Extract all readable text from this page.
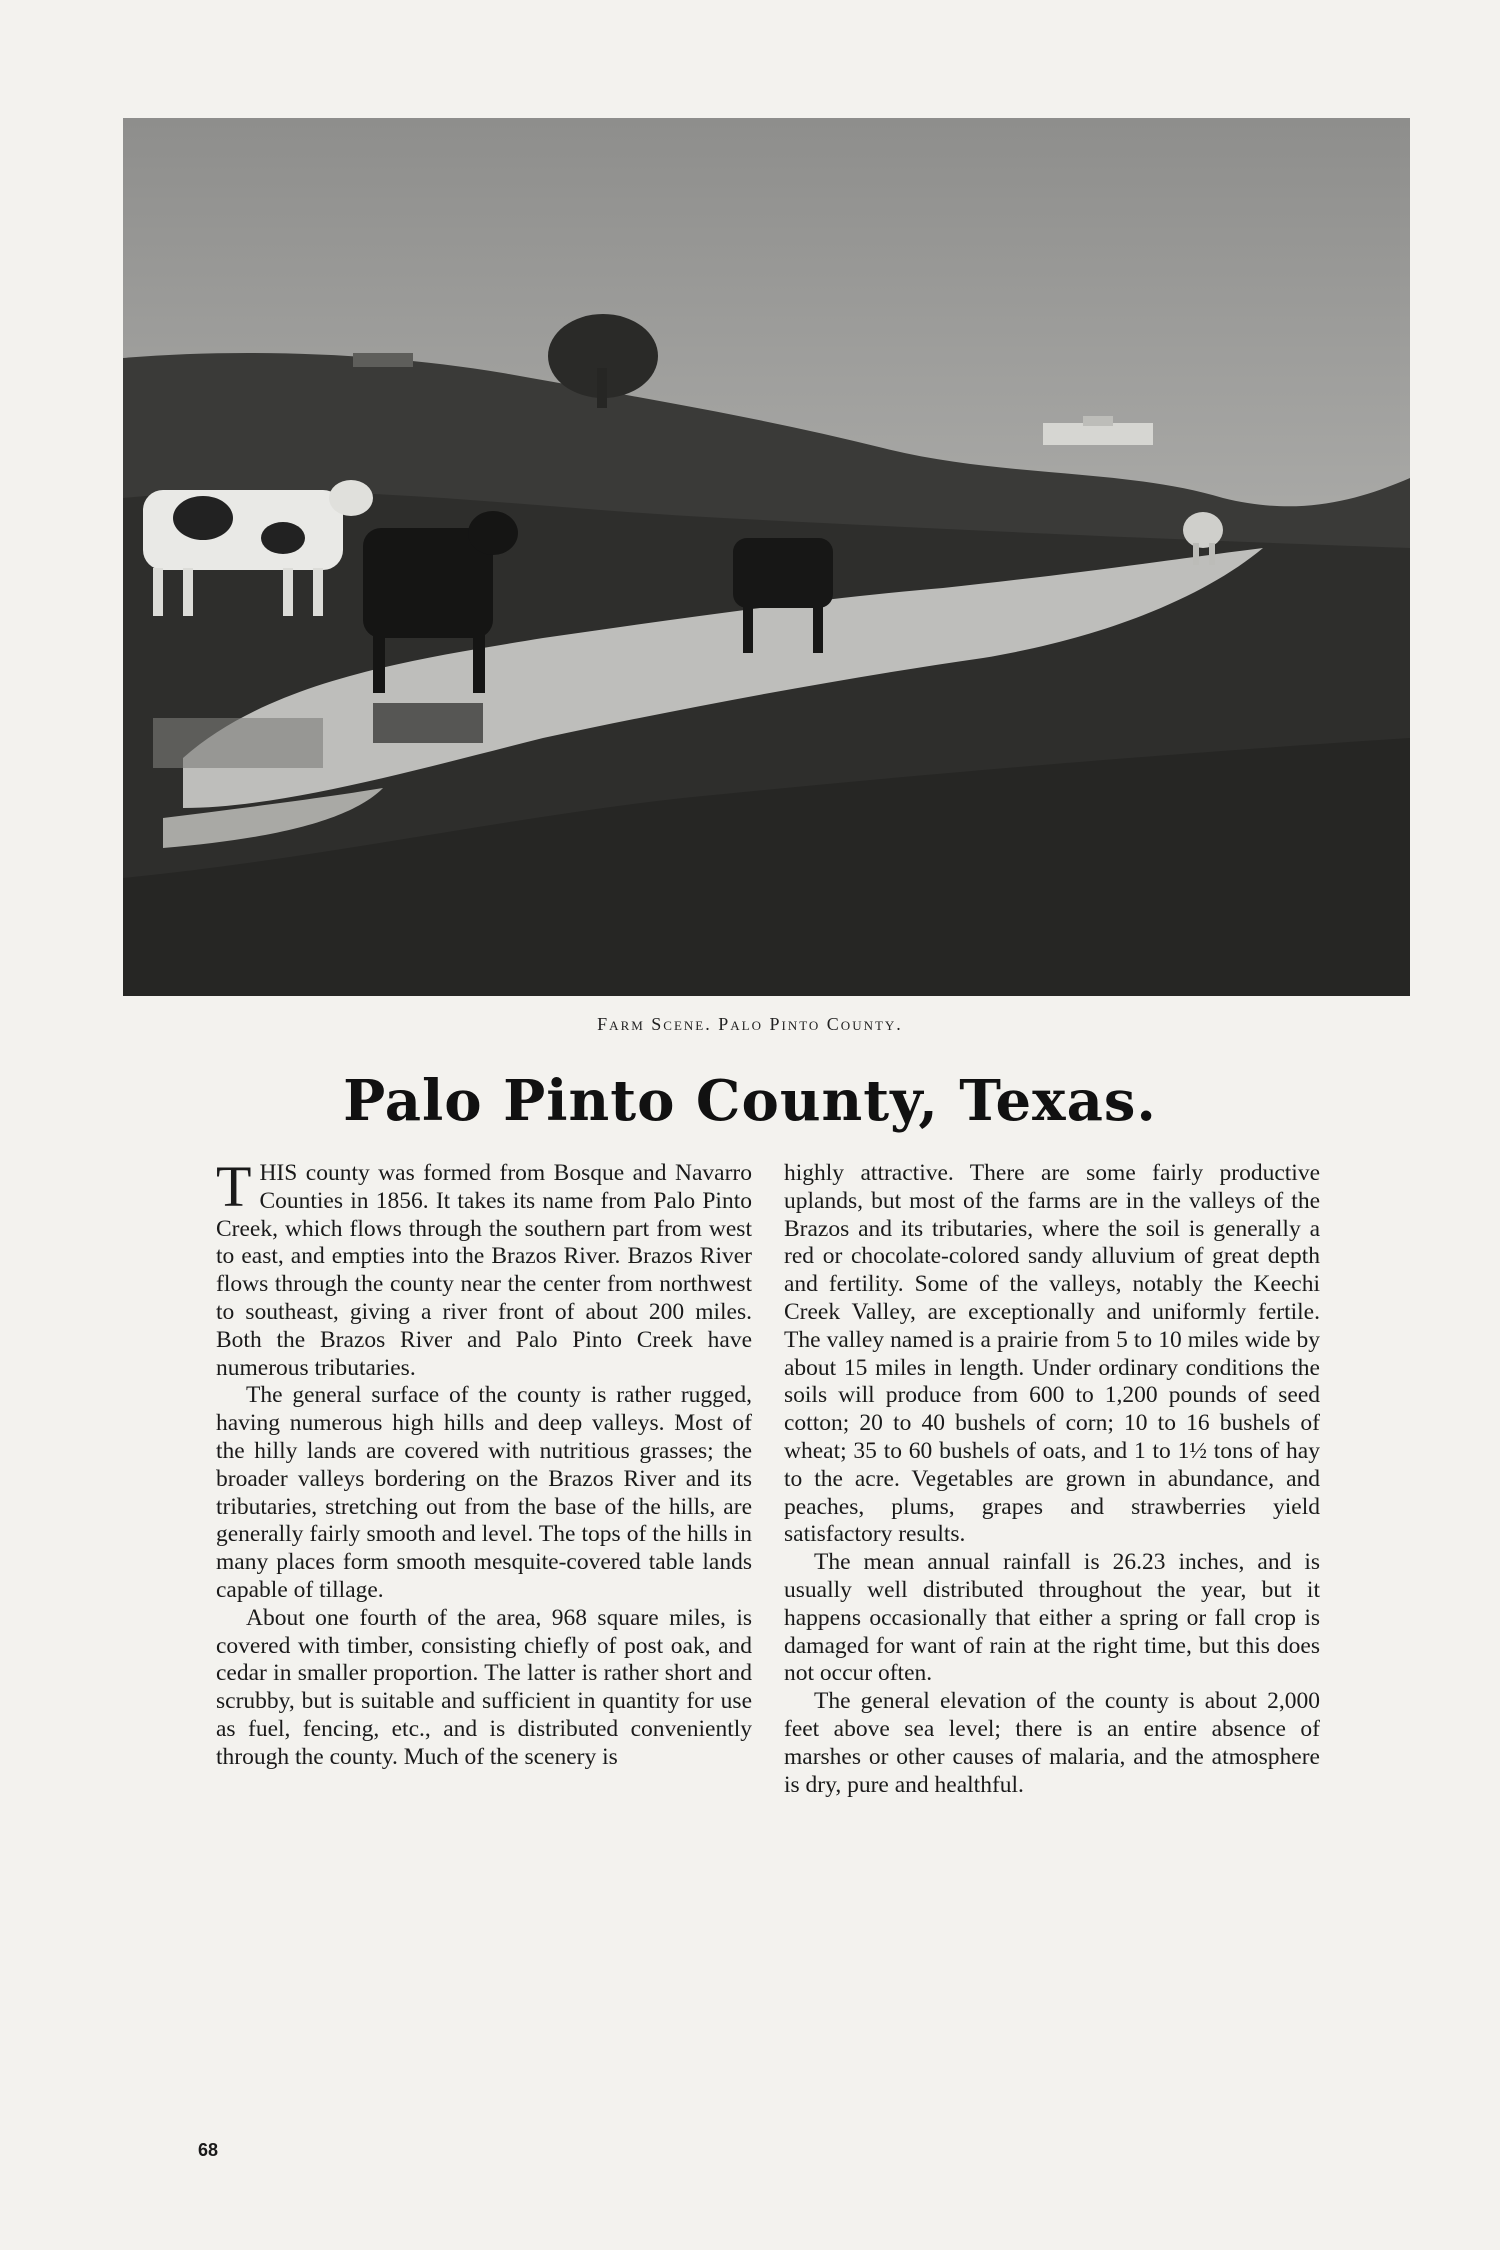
Farm Scene. Palo Pinto County.
Palo Pinto County, Texas.

THIS county was formed from Bosque and Navarro Counties in 1856. It takes its name from Palo Pinto Creek, which flows through the southern part from west to east, and empties into the Brazos River. Brazos River flows through the county near the center from northwest to southeast, giving a river front of about 200 miles. Both the Brazos River and Palo Pinto Creek have numerous tributaries.

The general surface of the county is rather rugged, having numerous high hills and deep valleys. Most of the hilly lands are covered with nutritious grasses; the broader valleys bordering on the Brazos River and its tributaries, stretching out from the base of the hills, are generally fairly smooth and level. The tops of the hills in many places form smooth mesquite-covered table lands capable of tillage.

About one fourth of the area, 968 square miles, is covered with timber, consisting chiefly of post oak, and cedar in smaller proportion. The latter is rather short and scrubby, but is suitable and sufficient in quantity for use as fuel, fencing, etc., and is distributed conveniently through the county. Much of the scenery is

highly attractive. There are some fairly productive uplands, but most of the farms are in the valleys of the Brazos and its tributaries, where the soil is generally a red or chocolate-colored sandy alluvium of great depth and fertility. Some of the valleys, notably the Keechi Creek Valley, are exceptionally and uniformly fertile. The valley named is a prairie from 5 to 10 miles wide by about 15 miles in length. Under ordinary conditions the soils will produce from 600 to 1,200 pounds of seed cotton; 20 to 40 bushels of corn; 10 to 16 bushels of wheat; 35 to 60 bushels of oats, and 1 to 1½ tons of hay to the acre. Vegetables are grown in abundance, and peaches, plums, grapes and strawberries yield satisfactory results.

The mean annual rainfall is 26.23 inches, and is usually well distributed throughout the year, but it happens occasionally that either a spring or fall crop is damaged for want of rain at the right time, but this does not occur often.

The general elevation of the county is about 2,000 feet above sea level; there is an entire absence of marshes or other causes of malaria, and the atmosphere is dry, pure and healthful.

68
